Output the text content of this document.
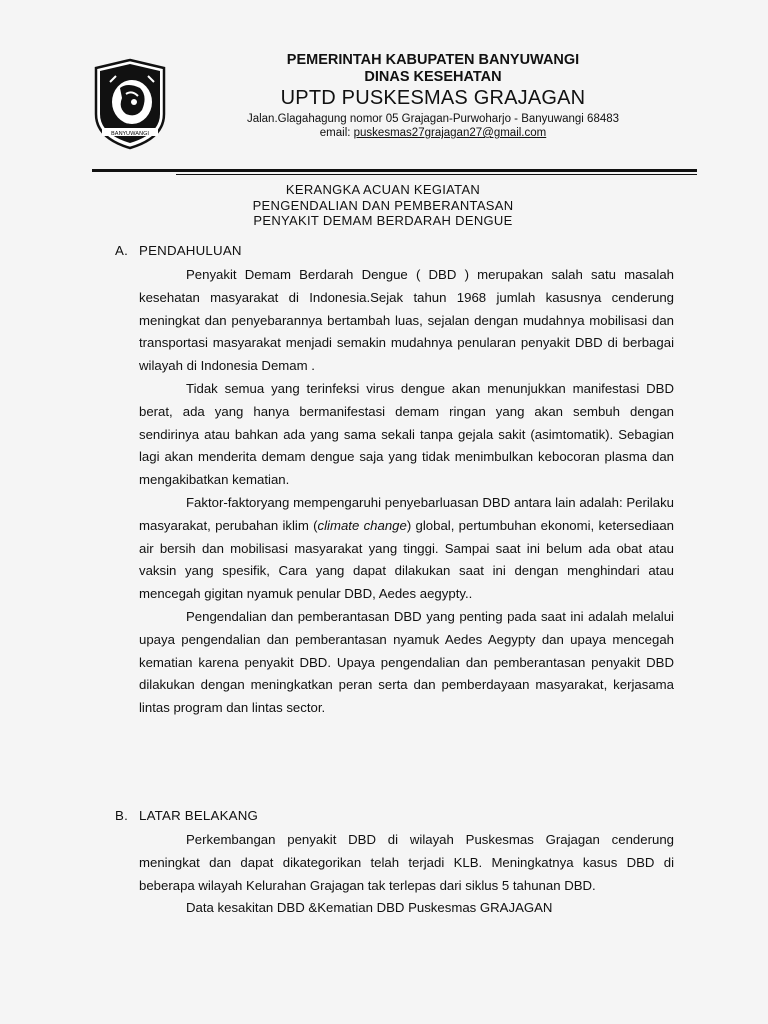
BANYUWANGI
PEMERINTAH KABUPATEN BANYUWANGI
DINAS KESEHATAN
UPTD PUSKESMAS GRAJAGAN
Jalan.Glagahagung nomor 05 Grajagan-Purwoharjo - Banyuwangi 68483
email: puskesmas27grajagan27@gmail.com
KERANGKA ACUAN KEGIATAN
PENGENDALIAN DAN PEMBERANTASAN
PENYAKIT DEMAM BERDARAH DENGUE
A. PENDAHULUAN

Penyakit Demam Berdarah Dengue ( DBD ) merupakan salah satu masalah kesehatan masyarakat di Indonesia.Sejak tahun 1968 jumlah kasusnya cenderung meningkat dan penyebarannya bertambah luas, sejalan dengan mudahnya mobilisasi dan transportasi masyarakat menjadi semakin mudahnya penularan penyakit DBD di berbagai wilayah di Indonesia Demam .

Tidak semua yang terinfeksi virus dengue akan menunjukkan manifestasi DBD berat, ada yang hanya bermanifestasi demam ringan yang akan sembuh dengan sendirinya atau bahkan ada yang sama sekali tanpa gejala sakit (asimtomatik). Sebagian lagi akan menderita demam dengue saja yang tidak menimbulkan kebocoran plasma dan mengakibatkan kematian.

Faktor-faktoryang mempengaruhi penyebarluasan DBD antara lain adalah: Perilaku masyarakat, perubahan iklim (climate change) global, pertumbuhan ekonomi, ketersediaan air bersih dan mobilisasi masyarakat yang tinggi. Sampai saat ini belum ada obat atau vaksin yang spesifik, Cara yang dapat dilakukan saat ini dengan menghindari atau mencegah gigitan nyamuk penular DBD, Aedes aegypty..

Pengendalian dan pemberantasan DBD yang penting pada saat ini adalah melalui upaya pengendalian dan pemberantasan nyamuk Aedes Aegypty dan upaya mencegah kematian karena penyakit DBD. Upaya pengendalian dan pemberantasan penyakit DBD dilakukan dengan meningkatkan peran serta dan pemberdayaan masyarakat, kerjasama lintas program dan lintas sector.

B. LATAR BELAKANG

Perkembangan penyakit DBD di wilayah Puskesmas Grajagan cenderung meningkat dan dapat dikategorikan telah terjadi KLB. Meningkatnya kasus DBD di beberapa wilayah Kelurahan Grajagan tak terlepas dari siklus 5 tahunan DBD.

Data kesakitan DBD &Kematian DBD Puskesmas GRAJAGAN
